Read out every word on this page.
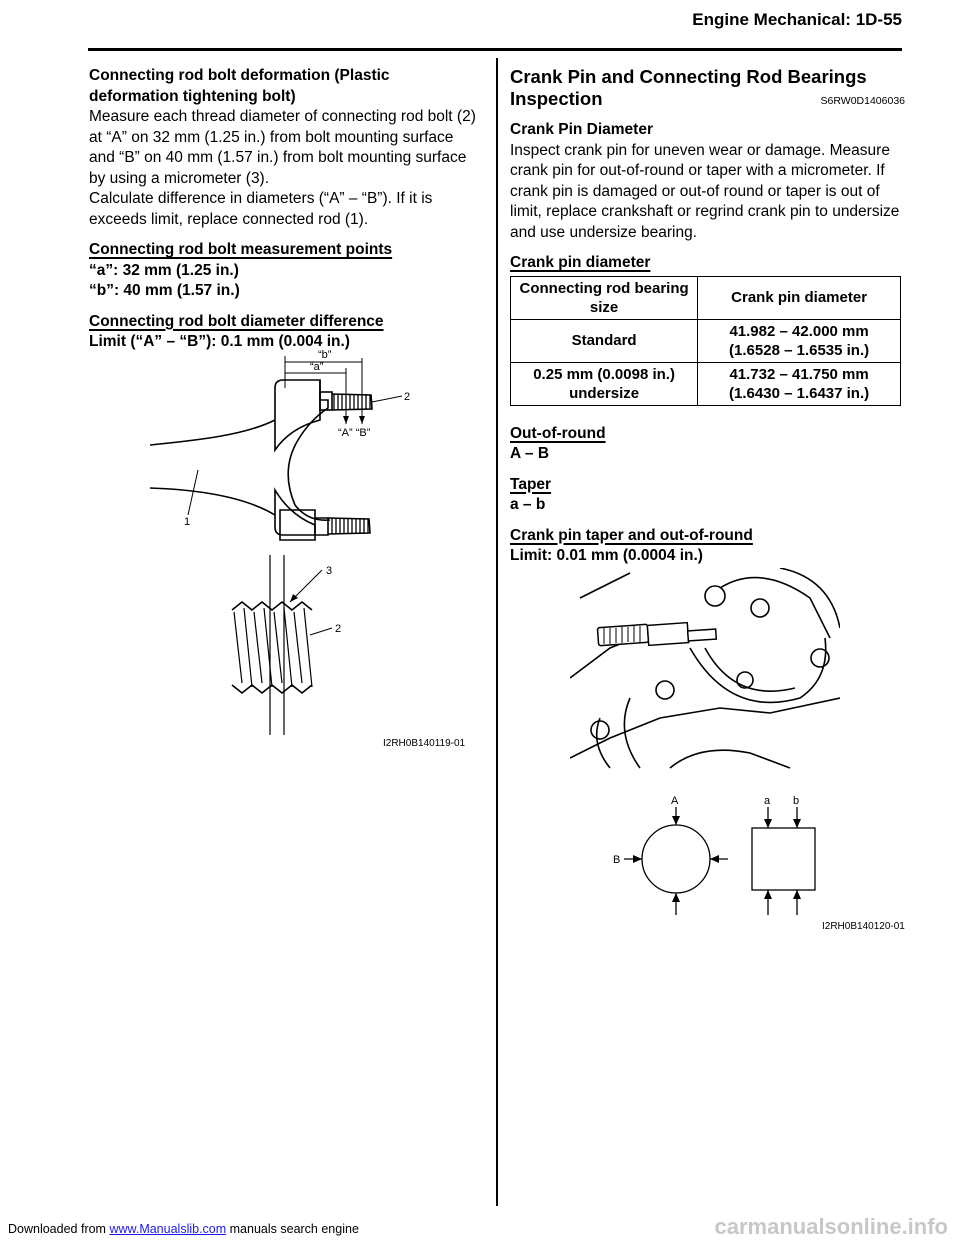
Engine Mechanical: 1D-55

Connecting rod bolt deformation (Plastic deformation tightening bolt)

Measure each thread diameter of connecting rod bolt (2) at “A” on 32 mm (1.25 in.) from bolt mounting surface and “B” on 40 mm (1.57 in.) from bolt mounting surface by using a micrometer (3).

Calculate difference in diameters (“A” – “B”). If it is exceeds limit, replace connected rod (1).

Connecting rod bolt measurement points

“a”: 32 mm (1.25 in.)

“b”: 40 mm (1.57 in.)

Connecting rod bolt diameter difference

Limit (“A” – “B”): 0.1 mm (0.004 in.)

“b”
“a”
“A” “B”
2
1
3
2
I2RH0B140119-01

Crank Pin and Connecting Rod Bearings Inspection	S6RW0D1406036

Crank Pin Diameter

Inspect crank pin for uneven wear or damage. Measure crank pin for out-of-round or taper with a micrometer. If crank pin is damaged or out-of round or taper is out of limit, replace crankshaft or regrind crank pin to undersize and use undersize bearing.

Crank pin diameter

Connecting rod bearing size	Crank pin diameter
Standard	41.982 – 42.000 mm (1.6528 – 1.6535 in.)
0.25 mm (0.0098 in.) undersize	41.732 – 41.750 mm (1.6430 – 1.6437 in.)

Out-of-round

A – B

Taper

a – b

Crank pin taper and out-of-round

Limit: 0.01 mm (0.0004 in.)

A
B
a b
I2RH0B140120-01
Downloaded from www.Manualslib.com manuals search engine	carmanualsonline.info
